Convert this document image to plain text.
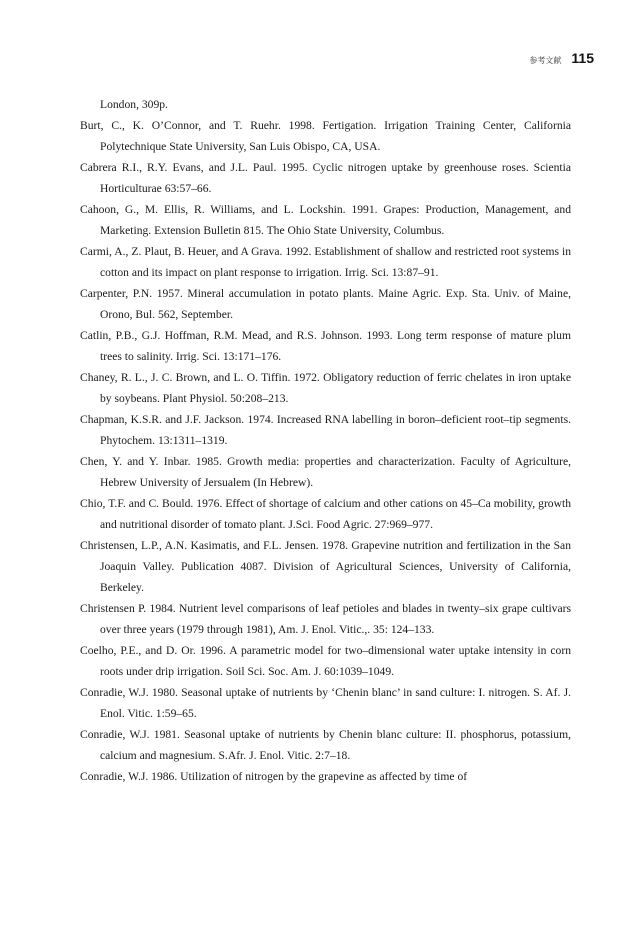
参考文献 115

London, 309p.

Burt, C., K. O’Connor, and T. Ruehr. 1998. Fertigation. Irrigation Training Center, California Polytechnique State University, San Luis Obispo, CA, USA.

Cabrera R.I., R.Y. Evans, and J.L. Paul. 1995. Cyclic nitrogen uptake by greenhouse roses. Scientia Horticulturae 63:57–66.

Cahoon, G., M. Ellis, R. Williams, and L. Lockshin. 1991. Grapes: Production, Management, and Marketing. Extension Bulletin 815. The Ohio State University, Columbus.

Carmi, A., Z. Plaut, B. Heuer, and A Grava. 1992. Establishment of shallow and restricted root systems in cotton and its impact on plant response to irrigation. Irrig. Sci. 13:87–91.

Carpenter, P.N. 1957. Mineral accumulation in potato plants. Maine Agric. Exp. Sta. Univ. of Maine, Orono, Bul. 562, September.

Catlin, P.B., G.J. Hoffman, R.M. Mead, and R.S. Johnson. 1993. Long term response of mature plum trees to salinity. Irrig. Sci. 13:171–176.

Chaney, R. L., J. C. Brown, and L. O. Tiffin. 1972. Obligatory reduction of ferric chelates in iron uptake by soybeans. Plant Physiol. 50:208–213.

Chapman, K.S.R. and J.F. Jackson. 1974. Increased RNA labelling in boron–deficient root–tip segments. Phytochem. 13:1311–1319.

Chen, Y. and Y. Inbar. 1985. Growth media: properties and characterization. Faculty of Agriculture, Hebrew University of Jersualem (In Hebrew).

Chio, T.F. and C. Bould. 1976. Effect of shortage of calcium and other cations on 45–Ca mobility, growth and nutritional disorder of tomato plant. J.Sci. Food Agric. 27:969–977.

Christensen, L.P., A.N. Kasimatis, and F.L. Jensen. 1978. Grapevine nutrition and fertilization in the San Joaquin Valley. Publication 4087. Division of Agricultural Sciences, University of California, Berkeley.

Christensen P. 1984. Nutrient level comparisons of leaf petioles and blades in twenty–six grape cultivars over three years (1979 through 1981), Am. J. Enol. Vitic.,. 35: 124–133.

Coelho, P.E., and D. Or. 1996. A parametric model for two–dimensional water uptake intensity in corn roots under drip irrigation. Soil Sci. Soc. Am. J. 60:1039–1049.

Conradie, W.J. 1980. Seasonal uptake of nutrients by ‘Chenin blanc’ in sand culture: I. nitrogen. S. Af. J. Enol. Vitic. 1:59–65.

Conradie, W.J. 1981. Seasonal uptake of nutrients by Chenin blanc culture: II. phosphorus, potassium, calcium and magnesium. S.Afr. J. Enol. Vitic. 2:7–18.

Conradie, W.J. 1986. Utilization of nitrogen by the grapevine as affected by time of
